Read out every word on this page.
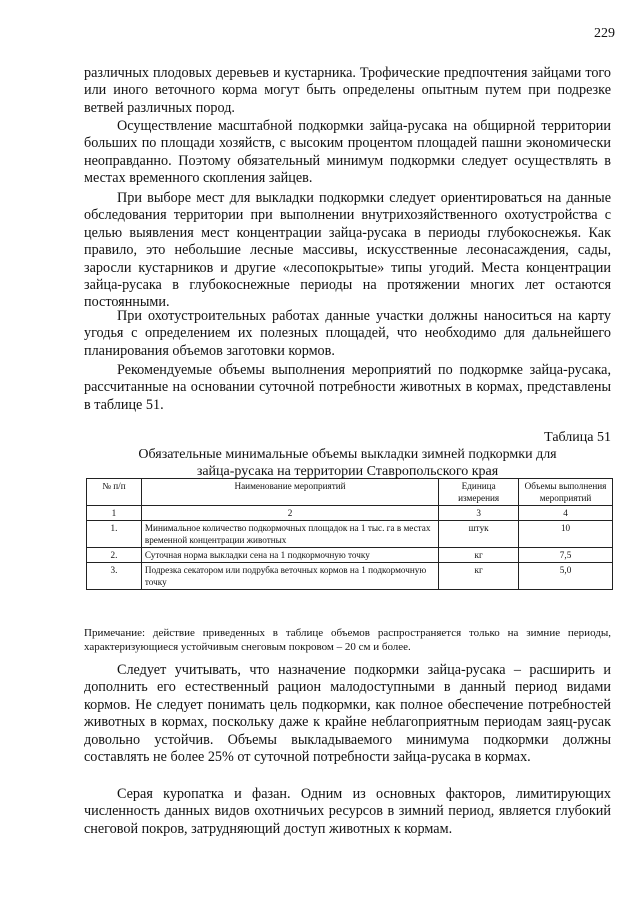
229

различных плодовых деревьев и кустарника. Трофические предпочтения зайцами того или иного веточного корма могут быть определены опытным путем при подрезке ветвей различных пород.

Осуществление масштабной подкормки зайца-русака на общирной территории больших по площади хозяйств, с высоким процентом площадей пашни экономически неоправданно. Поэтому обязательный минимум подкормки следует осуществлять в местах временного скопления зайцев.

При выборе мест для выкладки подкормки следует ориентироваться на данные обследования территории при выполнении внутрихозяйственного охотустройства с целью выявления мест концентрации зайца-русака в периоды глубокоснежья. Как правило, это небольшие лесные массивы, искусственные лесонасаждения, сады, заросли кустарников и другие «лесопокрытые» типы угодий. Места концентрации зайца-русака в глубокоснежные периоды на протяжении многих лет остаются постоянными.

При охотустроительных работах данные участки должны наноситься на карту угодья с определением их полезных площадей, что необходимо для дальнейшего планирования объемов заготовки кормов.

Рекомендуемые объемы выполнения мероприятий по подкормке зайца-русака, рассчитанные на основании суточной потребности животных в кормах, представлены в таблице 51.

Таблица 51

Обязательные минимальные объемы выкладки зимней подкормки для
зайца-русака на территории Ставропольского края

№ п/п	Наименование мероприятий	Единица измерения	Объемы выполнения мероприятий
1	2	3	4
1.	Минимальное количество подкормочных площадок на 1 тыс. га в местах временной концентрации животных	штук	10
2.	Суточная норма выкладки сена на 1 подкормочную точку	кг	7,5
3.	Подрезка секатором или подрубка веточных кормов на 1 подкормочную точку	кг	5,0

Примечание: действие приведенных в таблице объемов распространяется только на зимние периоды, характеризующиеся устойчивым снеговым покровом – 20 см и более.

Следует учитывать, что назначение подкормки зайца-русака – расширить и дополнить его естественный рацион малодоступными в данный период видами кормов. Не следует понимать цель подкормки, как полное обеспечение потребностей животных в кормах, поскольку даже к крайне неблагоприятным периодам заяц-русак довольно устойчив. Объемы выкладываемого минимума подкормки должны составлять не более 25% от суточной потребности зайца-русака в кормах.

Серая куропатка и фазан. Одним из основных факторов, лимитирующих численность данных видов охотничьих ресурсов в зимний период, является глубокий снеговой покров, затрудняющий доступ животных к кормам.
